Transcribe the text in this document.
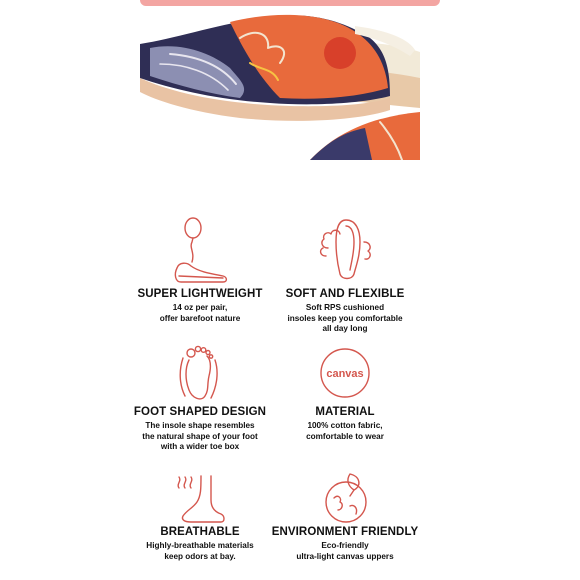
SUPER LIGHTWEIGHT
14 oz per pair,
offer barefoot nature
SOFT AND FLEXIBLE
Soft RPS cushioned
insoles keep you comfortable
all day long
FOOT SHAPED DESIGN
The insole shape resembles
the natural shape of your foot
with a wider toe box
canvas
MATERIAL
100% cotton fabric,
comfortable to wear
BREATHABLE
Highly-breathable materials
keep odors at bay.
ENVIRONMENT FRIENDLY
Eco-friendly
ultra-light canvas uppers
